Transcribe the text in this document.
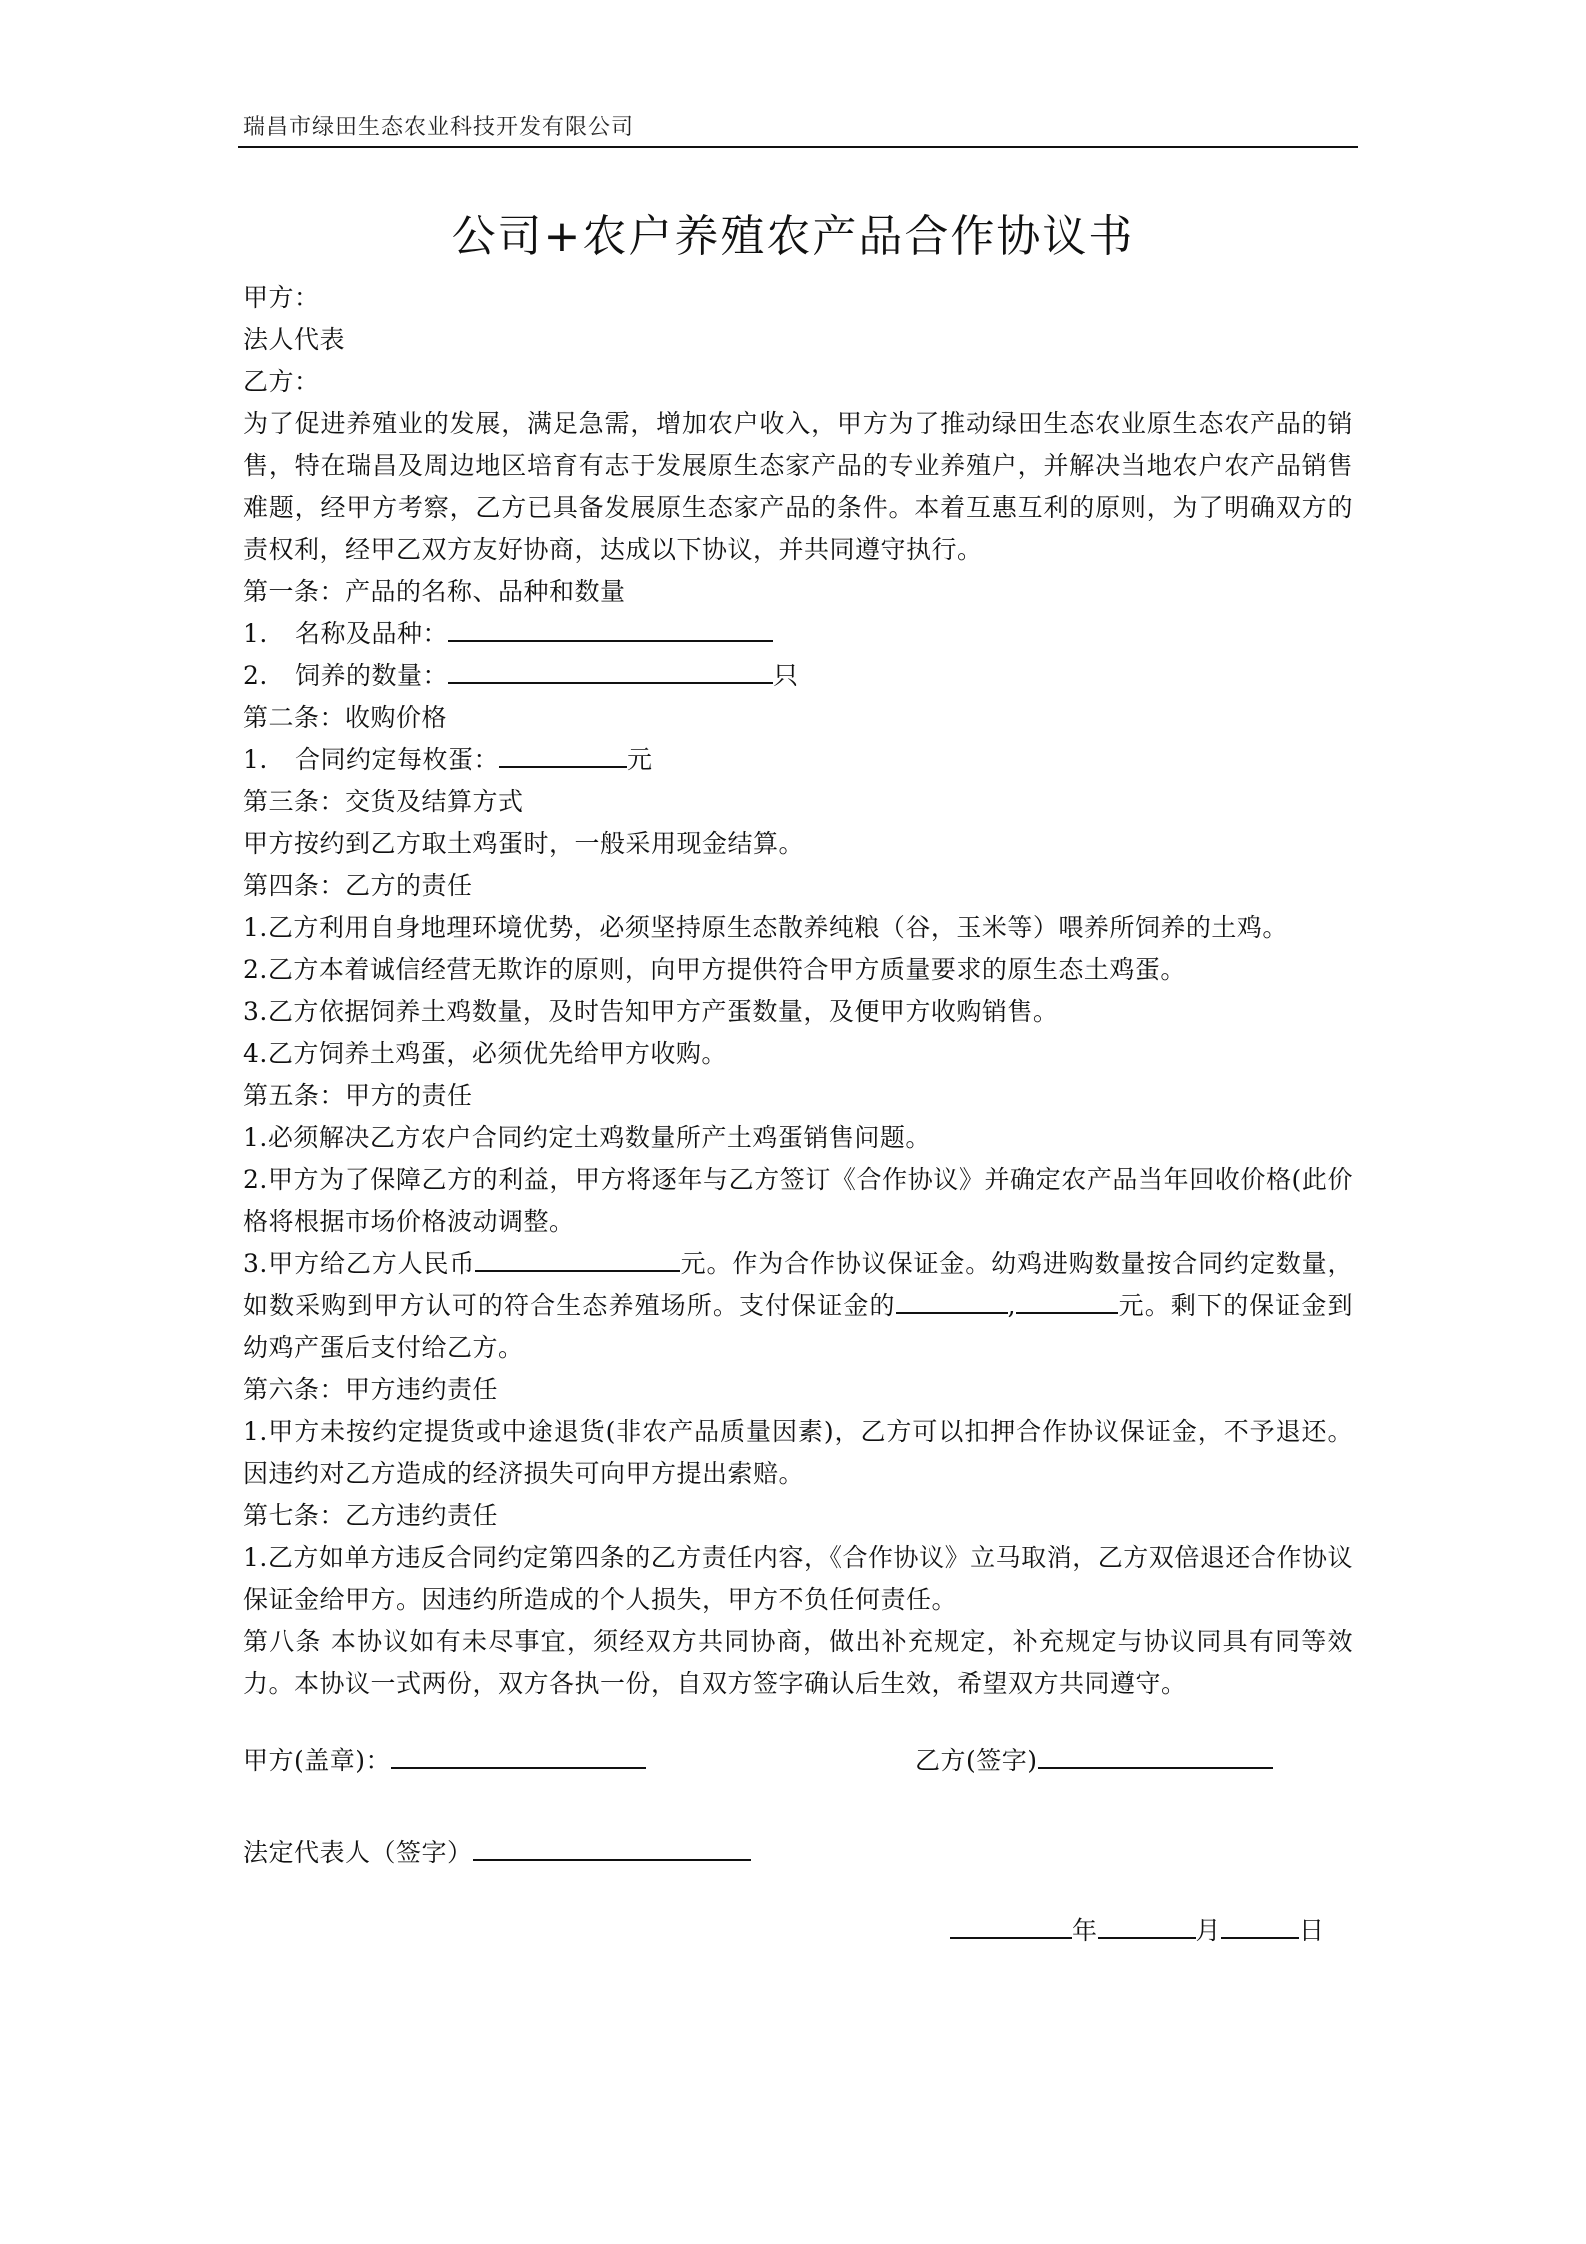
瑞昌市绿田生态农业科技开发有限公司
公司+农户养殖农产品合作协议书

甲方：

法人代表

乙方：

为了促进养殖业的发展，满足急需，增加农户收入，甲方为了推动绿田生态农业原生态农产品的销售，特在瑞昌及周边地区培育有志于发展原生态家产品的专业养殖户，并解决当地农户农产品销售难题，经甲方考察，乙方已具备发展原生态家产品的条件。本着互惠互利的原则，为了明确双方的责权利，经甲乙双方友好协商，达成以下协议，并共同遵守执行。

第一条：产品的名称、品种和数量

1. 名称及品种：

2. 饲养的数量：	只

第二条：收购价格

1. 合同约定每枚蛋：	元

第三条：交货及结算方式

甲方按约到乙方取土鸡蛋时，一般采用现金结算。

第四条：乙方的责任

1.乙方利用自身地理环境优势，必须坚持原生态散养纯粮（谷，玉米等）喂养所饲养的土鸡。

2.乙方本着诚信经营无欺诈的原则，向甲方提供符合甲方质量要求的原生态土鸡蛋。

3.乙方依据饲养土鸡数量，及时告知甲方产蛋数量，及便甲方收购销售。

4.乙方饲养土鸡蛋，必须优先给甲方收购。

第五条：甲方的责任

1.必须解决乙方农户合同约定土鸡数量所产土鸡蛋销售问题。

2.甲方为了保障乙方的利益，甲方将逐年与乙方签订《合作协议》并确定农产品当年回收价格(此价格将根据市场价格波动调整。

3.甲方给乙方人民币	元。作为合作协议保证金。幼鸡进购数量按合同约定数量，如数采购到甲方认可的符合生态养殖场所。支付保证金的	,	元。剩下的保证金到幼鸡产蛋后支付给乙方。

第六条：甲方违约责任

1.甲方未按约定提货或中途退货(非农产品质量因素)，乙方可以扣押合作协议保证金，不予退还。因违约对乙方造成的经济损失可向甲方提出索赔。

第七条：乙方违约责任

1.乙方如单方违反合同约定第四条的乙方责任内容，《合作协议》立马取消，乙方双倍退还合作协议保证金给甲方。因违约所造成的个人损失，甲方不负任何责任。

第八条 本协议如有未尽事宜，须经双方共同协商，做出补充规定，补充规定与协议同具有同等效力。本协议一式两份，双方各执一份，自双方签字确认后生效，希望双方共同遵守。

甲方(盖章)：	乙方(签字)
法定代表人（签字）
年	月	日
